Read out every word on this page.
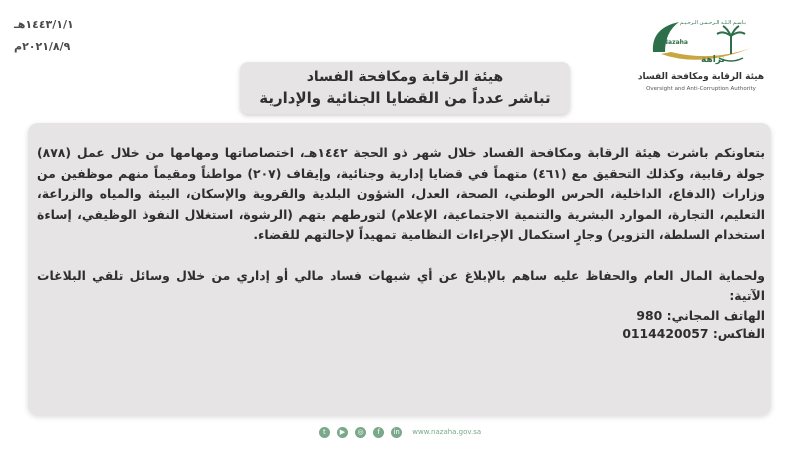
١٤٤٣/١/١هـ
٢٠٢١/٨/٩م
بـاسـم الـلـه الـرحـمـن الـرحـيـم
Nazaha
نزاهة
هيئة الرقابة ومكافحة الفساد
Oversight and Anti-Corruption Authority
هيئة الرقابة ومكافحة الفساد
تباشر عدداً من القضايا الجنائية والإدارية

بتعاونكم باشرت هيئة الرقابة ومكافحة الفساد خلال شهر ذو الحجة ١٤٤٢هـ، اختصاصاتها ومهامها من خلال عمل (٨٧٨) جولة رقابية، وكذلك التحقيق مع (٤٦١) متهماً في قضايا إدارية وجنائية، وإيقاف (٢٠٧) مواطناً ومقيماً منهم موظفين من وزارات (الدفاع، الداخلية، الحرس الوطني، الصحة، العدل، الشؤون البلدية والقروية والإسكان، البيئة والمياه والزراعة، التعليم، التجارة، الموارد البشرية والتنمية الاجتماعية، الإعلام) لتورطهم بتهم (الرشوة، استغلال النفوذ الوظيفي، إساءة استخدام السلطة، التزوير) وجارٍ استكمال الإجراءات النظامية تمهيداً لإحالتهم للقضاء.

ولحماية المال العام والحفاظ عليه ساهم بالإبلاغ عن أي شبهات فساد مالي أو إداري من خلال وسائل تلقي البلاغات الآتية:

الهاتف المجاني: 980
الفاكس: 0114420057
t ▶ ◎ f in www.nazaha.gov.sa
